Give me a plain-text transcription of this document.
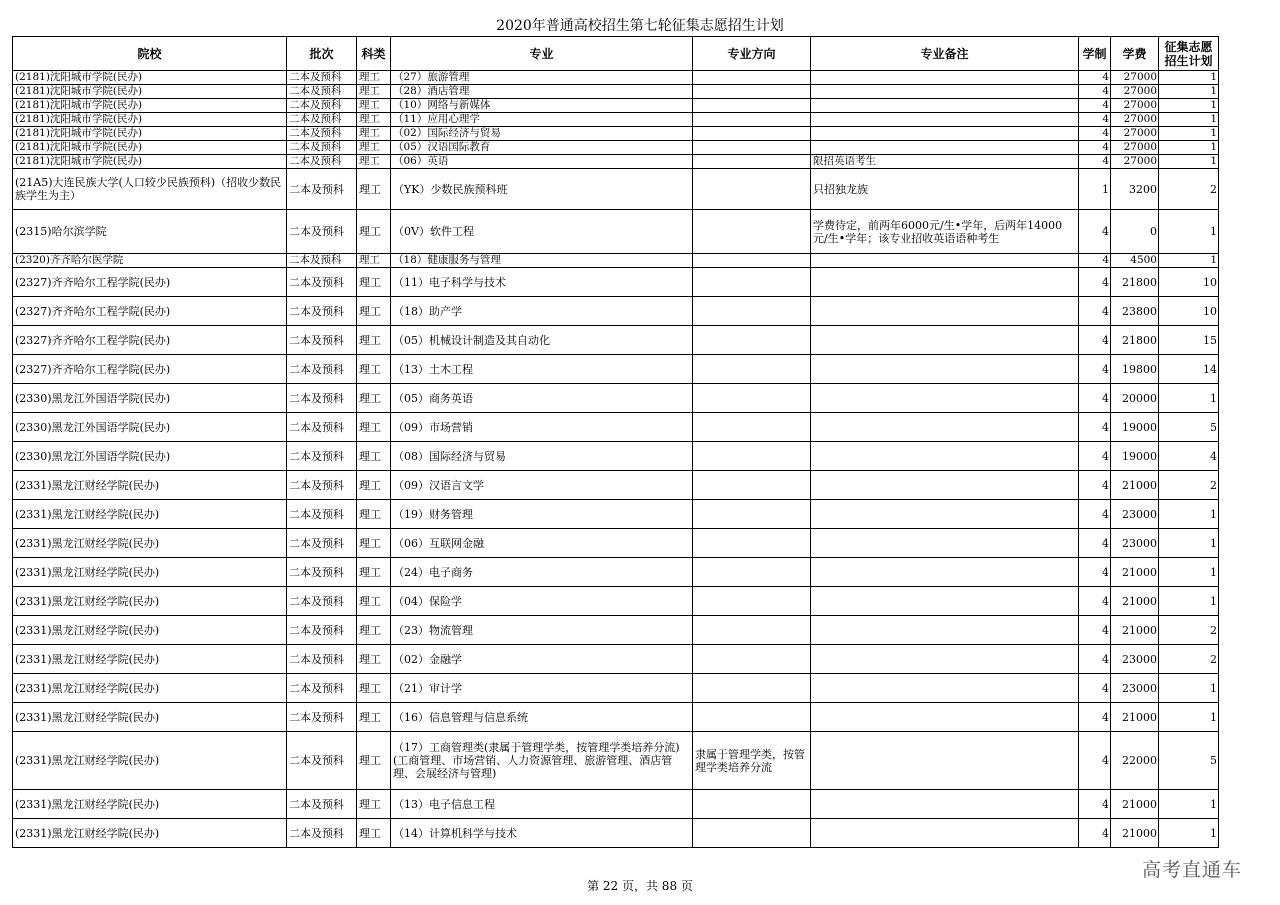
2020年普通高校招生第七轮征集志愿招生计划
院校	批次	科类	专业	专业方向	专业备注	学制	学费	征集志愿
招生计划
(2181)沈阳城市学院(民办)	二本及预科	理工	（27）旅游管理			4	27000	1
(2181)沈阳城市学院(民办)	二本及预科	理工	（28）酒店管理			4	27000	1
(2181)沈阳城市学院(民办)	二本及预科	理工	（10）网络与新媒体			4	27000	1
(2181)沈阳城市学院(民办)	二本及预科	理工	（11）应用心理学			4	27000	1
(2181)沈阳城市学院(民办)	二本及预科	理工	（02）国际经济与贸易			4	27000	1
(2181)沈阳城市学院(民办)	二本及预科	理工	（05）汉语国际教育			4	27000	1
(2181)沈阳城市学院(民办)	二本及预科	理工	（06）英语		限招英语考生	4	27000	1
(21A5)大连民族大学(人口较少民族预科)（招收少数民族学生为主）	二本及预科	理工	（YK）少数民族预科班		只招独龙族	1	3200	2
(2315)哈尔滨学院	二本及预科	理工	（0V）软件工程		学费待定，前两年6000元/生•学年，后两年14000元/生•学年；该专业招收英语语种考生	4	0	1
(2320)齐齐哈尔医学院	二本及预科	理工	（18）健康服务与管理			4	4500	1
(2327)齐齐哈尔工程学院(民办)	二本及预科	理工	（11）电子科学与技术			4	21800	10
(2327)齐齐哈尔工程学院(民办)	二本及预科	理工	（18）助产学			4	23800	10
(2327)齐齐哈尔工程学院(民办)	二本及预科	理工	（05）机械设计制造及其自动化			4	21800	15
(2327)齐齐哈尔工程学院(民办)	二本及预科	理工	（13）土木工程			4	19800	14
(2330)黑龙江外国语学院(民办)	二本及预科	理工	（05）商务英语			4	20000	1
(2330)黑龙江外国语学院(民办)	二本及预科	理工	（09）市场营销			4	19000	5
(2330)黑龙江外国语学院(民办)	二本及预科	理工	（08）国际经济与贸易			4	19000	4
(2331)黑龙江财经学院(民办)	二本及预科	理工	（09）汉语言文学			4	21000	2
(2331)黑龙江财经学院(民办)	二本及预科	理工	（19）财务管理			4	23000	1
(2331)黑龙江财经学院(民办)	二本及预科	理工	（06）互联网金融			4	23000	1
(2331)黑龙江财经学院(民办)	二本及预科	理工	（24）电子商务			4	21000	1
(2331)黑龙江财经学院(民办)	二本及预科	理工	（04）保险学			4	21000	1
(2331)黑龙江财经学院(民办)	二本及预科	理工	（23）物流管理			4	21000	2
(2331)黑龙江财经学院(民办)	二本及预科	理工	（02）金融学			4	23000	2
(2331)黑龙江财经学院(民办)	二本及预科	理工	（21）审计学			4	23000	1
(2331)黑龙江财经学院(民办)	二本及预科	理工	（16）信息管理与信息系统			4	21000	1
(2331)黑龙江财经学院(民办)	二本及预科	理工	（17）工商管理类(隶属于管理学类，按管理学类培养分流)(工商管理、市场营销、人力资源管理、旅游管理、酒店管理、会展经济与管理)	隶属于管理学类，按管理学类培养分流		4	22000	5
(2331)黑龙江财经学院(民办)	二本及预科	理工	（13）电子信息工程			4	21000	1
(2331)黑龙江财经学院(民办)	二本及预科	理工	（14）计算机科学与技术			4	21000	1
第 22 页，共 88 页
高考直通车
